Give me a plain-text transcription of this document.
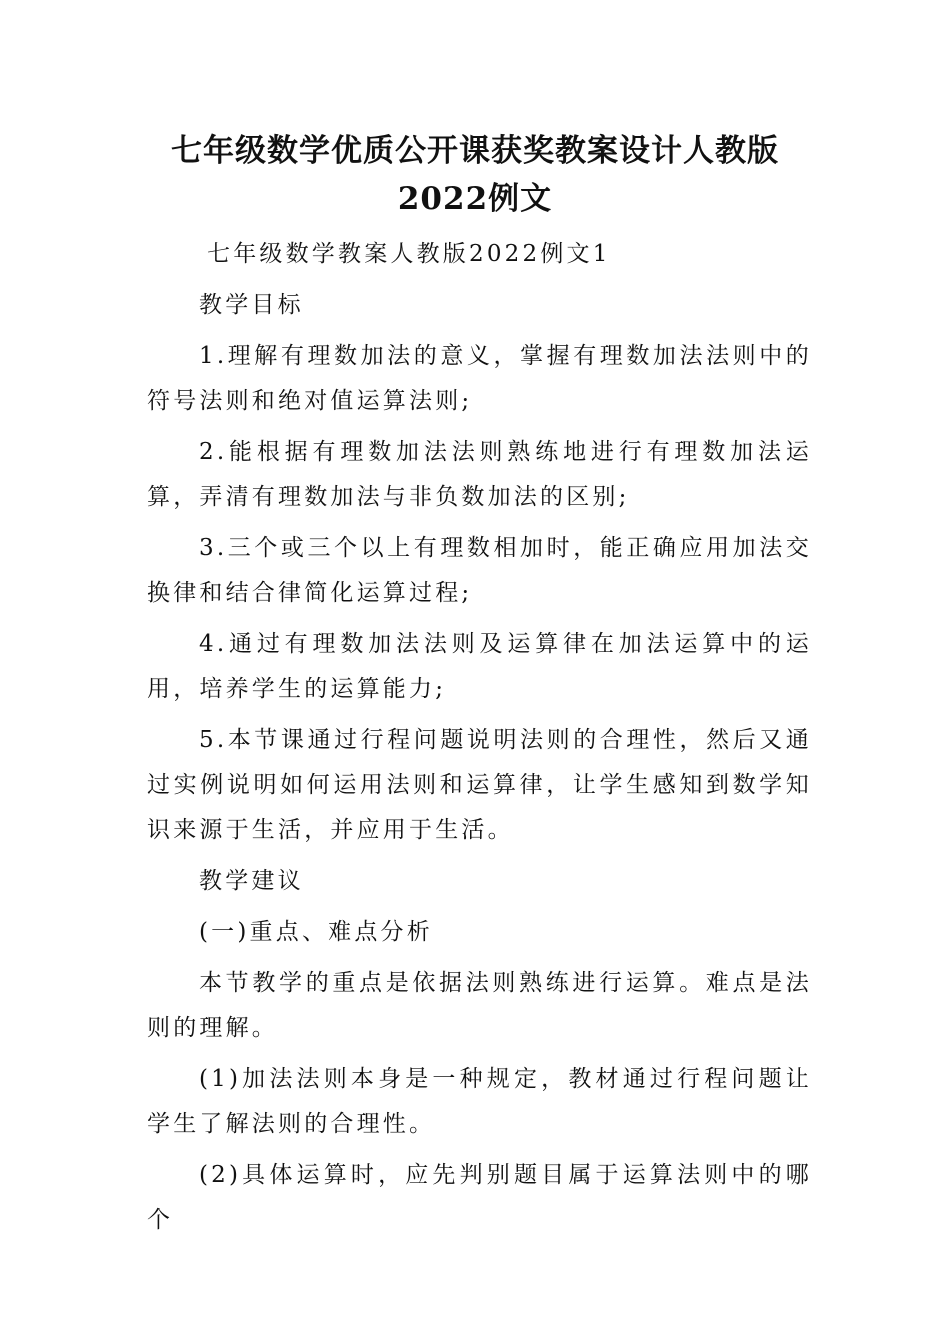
七年级数学优质公开课获奖教案设计人教版2022例文

七年级数学教案人教版2022例文1

教学目标

1.理解有理数加法的意义，掌握有理数加法法则中的符号法则和绝对值运算法则;

2.能根据有理数加法法则熟练地进行有理数加法运算，弄清有理数加法与非负数加法的区别;

3.三个或三个以上有理数相加时，能正确应用加法交换律和结合律简化运算过程;

4.通过有理数加法法则及运算律在加法运算中的运用，培养学生的运算能力;

5.本节课通过行程问题说明法则的合理性，然后又通过实例说明如何运用法则和运算律，让学生感知到数学知识来源于生活，并应用于生活。

教学建议

(一)重点、难点分析

本节教学的重点是依据法则熟练进行运算。难点是法则的理解。

(1)加法法则本身是一种规定，教材通过行程问题让学生了解法则的合理性。

(2)具体运算时，应先判别题目属于运算法则中的哪个
